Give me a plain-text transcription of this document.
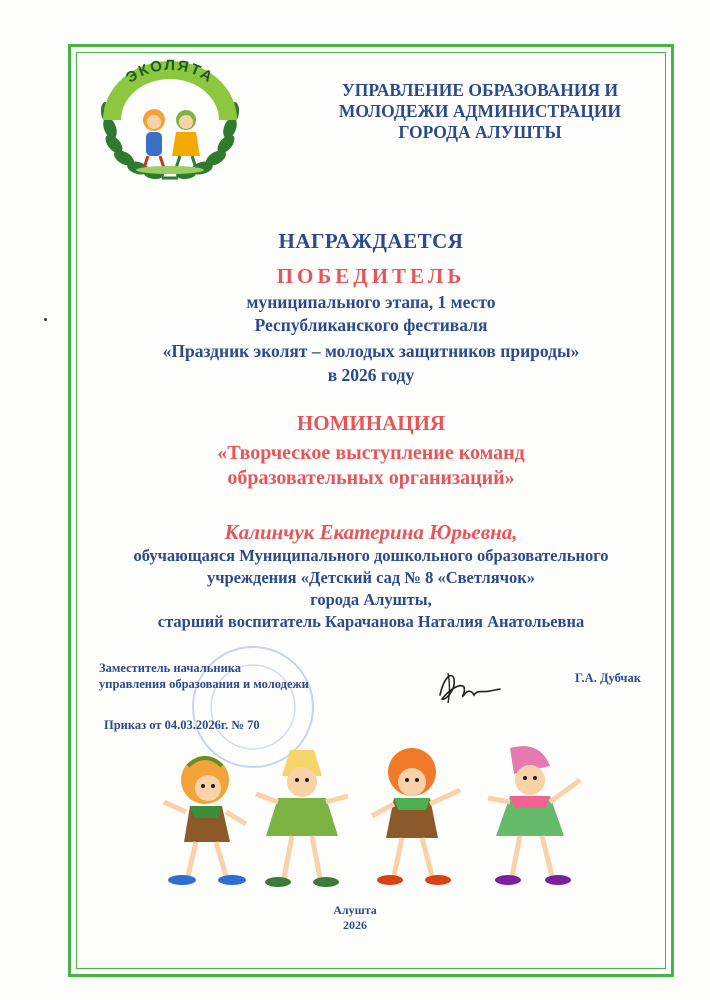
ЭКОЛЯТА
УПРАВЛЕНИЕ ОБРАЗОВАНИЯ И
МОЛОДЕЖИ АДМИНИСТРАЦИИ
ГОРОДА АЛУШТЫ
НАГРАЖДАЕТСЯ
ПОБЕДИТЕЛЬ
муниципального этапа, 1 место
Республиканского фестиваля
«Праздник эколят – молодых защитников природы»
в 2026 году
НОМИНАЦИЯ
«Творческое выступление команд
образовательных организаций»
Калинчук Екатерина Юрьевна,
обучающаяся Муниципального дошкольного образовательного
учреждения «Детский сад № 8 «Светлячок»
города Алушты,
старший воспитатель Карачанова Наталия Анатольевна
Заместитель начальника
управления образования и молодежи	Г.А. Дубчак
Приказ от 04.03.2026г. № 70
Алушта
2026
